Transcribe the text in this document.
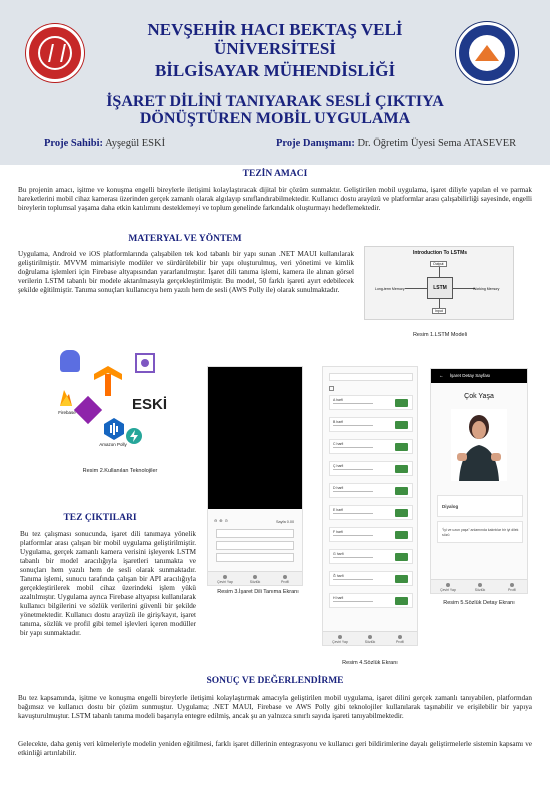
NEVŞEHİR HACI BEKTAŞ VELİ
ÜNİVERSİTESİ
BİLGİSAYAR MÜHENDİSLİĞİ
İŞARET DİLİNİ TANIYARAK SESLİ ÇIKTIYA
DÖNÜŞTÜREN MOBİL UYGULAMA
Proje Sahibi: Ayşegül ESKİ	Proje Danışmanı: Dr. Öğretim Üyesi Sema ATASEVER
TEZİN AMACI
Bu projenin amacı, işitme ve konuşma engelli bireylerle iletişimi kolaylaştıracak dijital bir çözüm sunmaktır. Geliştirilen mobil uygulama, işaret diliyle yapılan el ve parmak hareketlerini mobil cihaz kamerası üzerinden gerçek zamanlı olarak algılayıp sınıflandırabilmektedir. Kullanıcı dostu arayüzü ve platformlar arası çalışabilirliği sayesinde, engelli bireylerin toplumsal yaşama daha etkin katılımını desteklemeyi ve toplum genelinde farkındalık oluşturmayı hedeflemektedir.
MATERYAL VE YÖNTEM
Uygulama, Android ve iOS platformlarında çalışabilen tek kod tabanlı bir yapı sunan .NET MAUI kullanılarak geliştirilmiştir. MVVM mimarisiyle modüler ve sürdürülebilir bir yapı oluşturulmuş, veri yönetimi ve kimlik doğrulama işlemleri için Firebase altyapısından yararlanılmıştır. İşaret dili tanıma işlemi, kamera ile alınan görsel verilerin LSTM tabanlı bir modele aktarılmasıyla gerçekleştirilmiştir. Bu model, 50 farklı işareti ayırt edebilecek şekilde eğitilmiştir. Tanıma sonuçları kullanıcıya hem yazılı hem de sesli (AWS Polly ile) olarak sunulmaktadır.
Introduction To LSTMs
Output
Input
LSTM
Long-term Memory	Working Memory
Resim 1.LSTM Modeli
Firebase	ESKİ
Amazon Polly
Resim 2.Kullanılan Teknolojiler
⊖  ⊕  ⊙	Sayfa 0.00
Çeviri Yap	Sözlük	Profil
Resim 3.İşaret Dili Tanıma Ekranı
A harfi
B harfi
C harfi
Ç harfi
D harfi
E harfi
F harfi
G harfi
Ğ harfi
H harfi
Çeviri Yap	Sözlük	Profil
Resim 4.Sözlük Ekranı
← İşaret Detay Sayfası
Çok Yaşa
Diyalog
"İyi ve uzun yaşa" anlamında kalıntılar bir iyi dilek sözü
Çeviri Yap	Sözlük	Profil
Resim 5.Sözlük Detay Ekranı
TEZ ÇIKTILARI
Bu tez çalışması sonucunda, işaret dili tanımaya yönelik platformlar arası çalışan bir mobil uygulama geliştirilmiştir. Uygulama, gerçek zamanlı kamera verisini işleyerek LSTM tabanlı bir model aracılığıyla işaretleri tanımakta ve sonuçları hem yazılı hem de sesli olarak sunmaktadır. Tanıma işlemi, sunucu tarafında çalışan bir API aracılığıyla gerçekleştirilerek mobil cihaz üzerindeki işlem yükü azaltılmıştır. Uygulama ayrıca Firebase altyapısı kullanılarak kullanıcı bilgilerini ve sözlük verilerini güvenli bir şekilde yönetmektedir. Kullanıcı dostu arayüzü ile giriş/kayıt, işaret tanıma, sözlük ve profil gibi temel işlevleri içeren modüller bir yapı sunmaktadır.
SONUÇ VE DEĞERLENDİRME
Bu tez kapsamında, işitme ve konuşma engelli bireylerle iletişimi kolaylaştırmak amacıyla geliştirilen mobil uygulama, işaret dilini gerçek zamanlı tanıyabilen, platformdan bağımsız ve kullanıcı dostu bir çözüm sunmuştur. Uygulama; .NET MAUI, Firebase ve AWS Polly gibi teknolojiler kullanılarak taşınabilir ve erişilebilir bir yapıya kavuşturulmuştur. LSTM tabanlı tanıma modeli başarıyla entegre edilmiş, ancak şu an yalnızca sınırlı sayıda işareti tanıyabilmektedir.
Gelecekte, daha geniş veri kümeleriyle modelin yeniden eğitilmesi, farklı işaret dillerinin entegrasyonu ve kullanıcı geri bildirimlerine dayalı geliştirmelerle sistemin kapsamı ve etkinliği artırılabilir.
